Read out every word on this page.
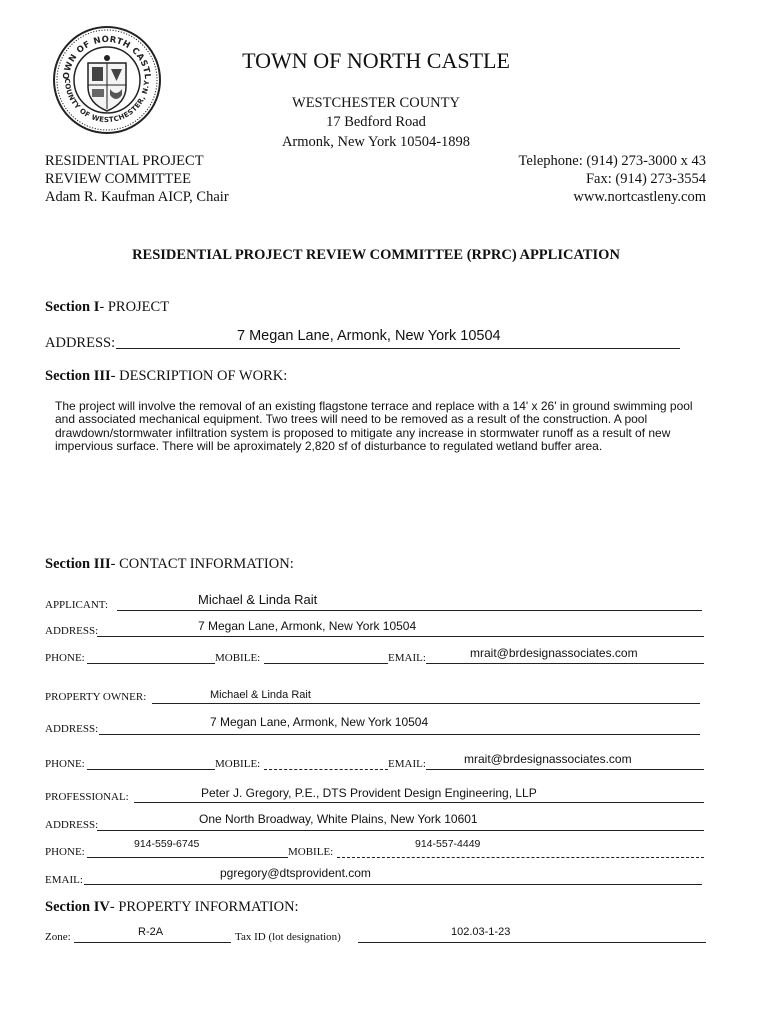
OWN OF NORTH CASTL
COUNTY OF WESTCHESTER, N.Y
TOWN OF NORTH CASTLE
WESTCHESTER COUNTY
17 Bedford Road
Armonk, New York 10504-1898
RESIDENTIAL PROJECT
REVIEW COMMITTEE
Adam R. Kaufman AICP, Chair
Telephone: (914) 273-3000 x 43
Fax: (914) 273-3554
www.nortcastleny.com
RESIDENTIAL PROJECT REVIEW COMMITTEE (RPRC) APPLICATION
Section I- PROJECT
ADDRESS:	7 Megan Lane, Armonk, New York 10504
Section III- DESCRIPTION OF WORK:
The project will involve the removal of an existing flagstone terrace and replace with a 14' x 26' in ground swimming pool
and associated mechanical equipment. Two trees will need to be removed as a result of the construction. A pool
drawdown/stormwater infiltration system is proposed to mitigate any increase in stormwater runoff as a result of new
impervious surface. There will be aproximately 2,820 sf of disturbance to regulated wetland buffer area.
Section III- CONTACT INFORMATION:
APPLICANT:	Michael & Linda Rait
ADDRESS:	7 Megan Lane, Armonk, New York 10504
PHONE:	MOBILE:	EMAIL:	mrait@brdesignassociates.com
PROPERTY OWNER:	Michael & Linda Rait
ADDRESS:	7 Megan Lane, Armonk, New York 10504
PHONE:	MOBILE:	EMAIL:	mrait@brdesignassociates.com
PROFESSIONAL:	Peter J. Gregory, P.E., DTS Provident Design Engineering, LLP
ADDRESS:	One North Broadway, White Plains, New York 10601
PHONE:
914-559-6745
MOBILE:
914-557-4449
EMAIL:	pgregory@dtsprovident.com
Section IV- PROPERTY INFORMATION:
Zone:	R-2A	Tax ID (lot designation)	102.03-1-23
